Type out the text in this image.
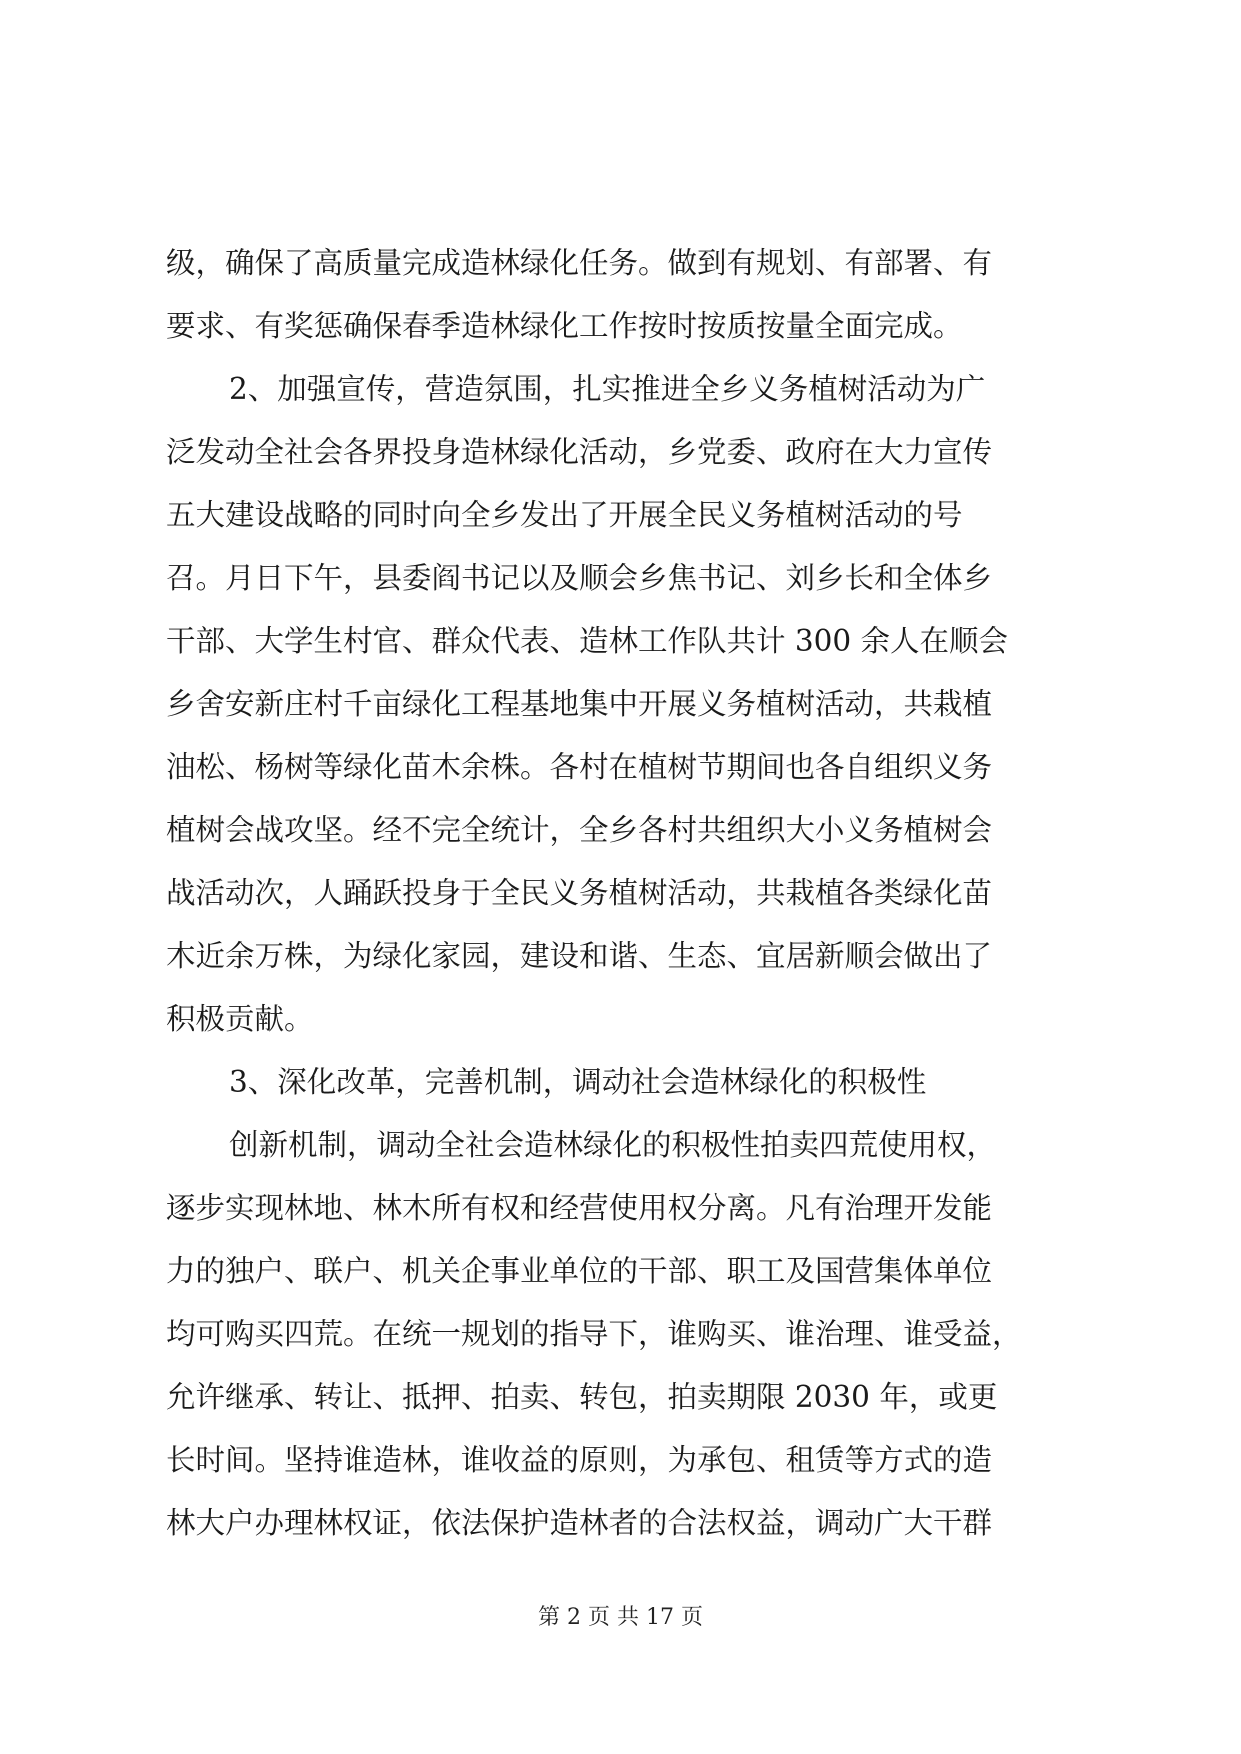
级，确保了高质量完成造林绿化任务。做到有规划、有部署、有
要求、有奖惩确保春季造林绿化工作按时按质按量全面完成。
2、加强宣传，营造氛围，扎实推进全乡义务植树活动为广
泛发动全社会各界投身造林绿化活动，乡党委、政府在大力宣传
五大建设战略的同时向全乡发出了开展全民义务植树活动的号
召。月日下午，县委阎书记以及顺会乡焦书记、刘乡长和全体乡
干部、大学生村官、群众代表、造林工作队共计 300 余人在顺会
乡舍安新庄村千亩绿化工程基地集中开展义务植树活动，共栽植
油松、杨树等绿化苗木余株。各村在植树节期间也各自组织义务
植树会战攻坚。经不完全统计，全乡各村共组织大小义务植树会
战活动次，人踊跃投身于全民义务植树活动，共栽植各类绿化苗
木近余万株，为绿化家园，建设和谐、生态、宜居新顺会做出了
积极贡献。
3、深化改革，完善机制，调动社会造林绿化的积极性
创新机制，调动全社会造林绿化的积极性拍卖四荒使用权，
逐步实现林地、林木所有权和经营使用权分离。凡有治理开发能
力的独户、联户、机关企事业单位的干部、职工及国营集体单位
均可购买四荒。在统一规划的指导下，谁购买、谁治理、谁受益，
允许继承、转让、抵押、拍卖、转包，拍卖期限 2030 年，或更
长时间。坚持谁造林，谁收益的原则，为承包、租赁等方式的造
林大户办理林权证，依法保护造林者的合法权益，调动广大干群
第 2 页 共 17 页
